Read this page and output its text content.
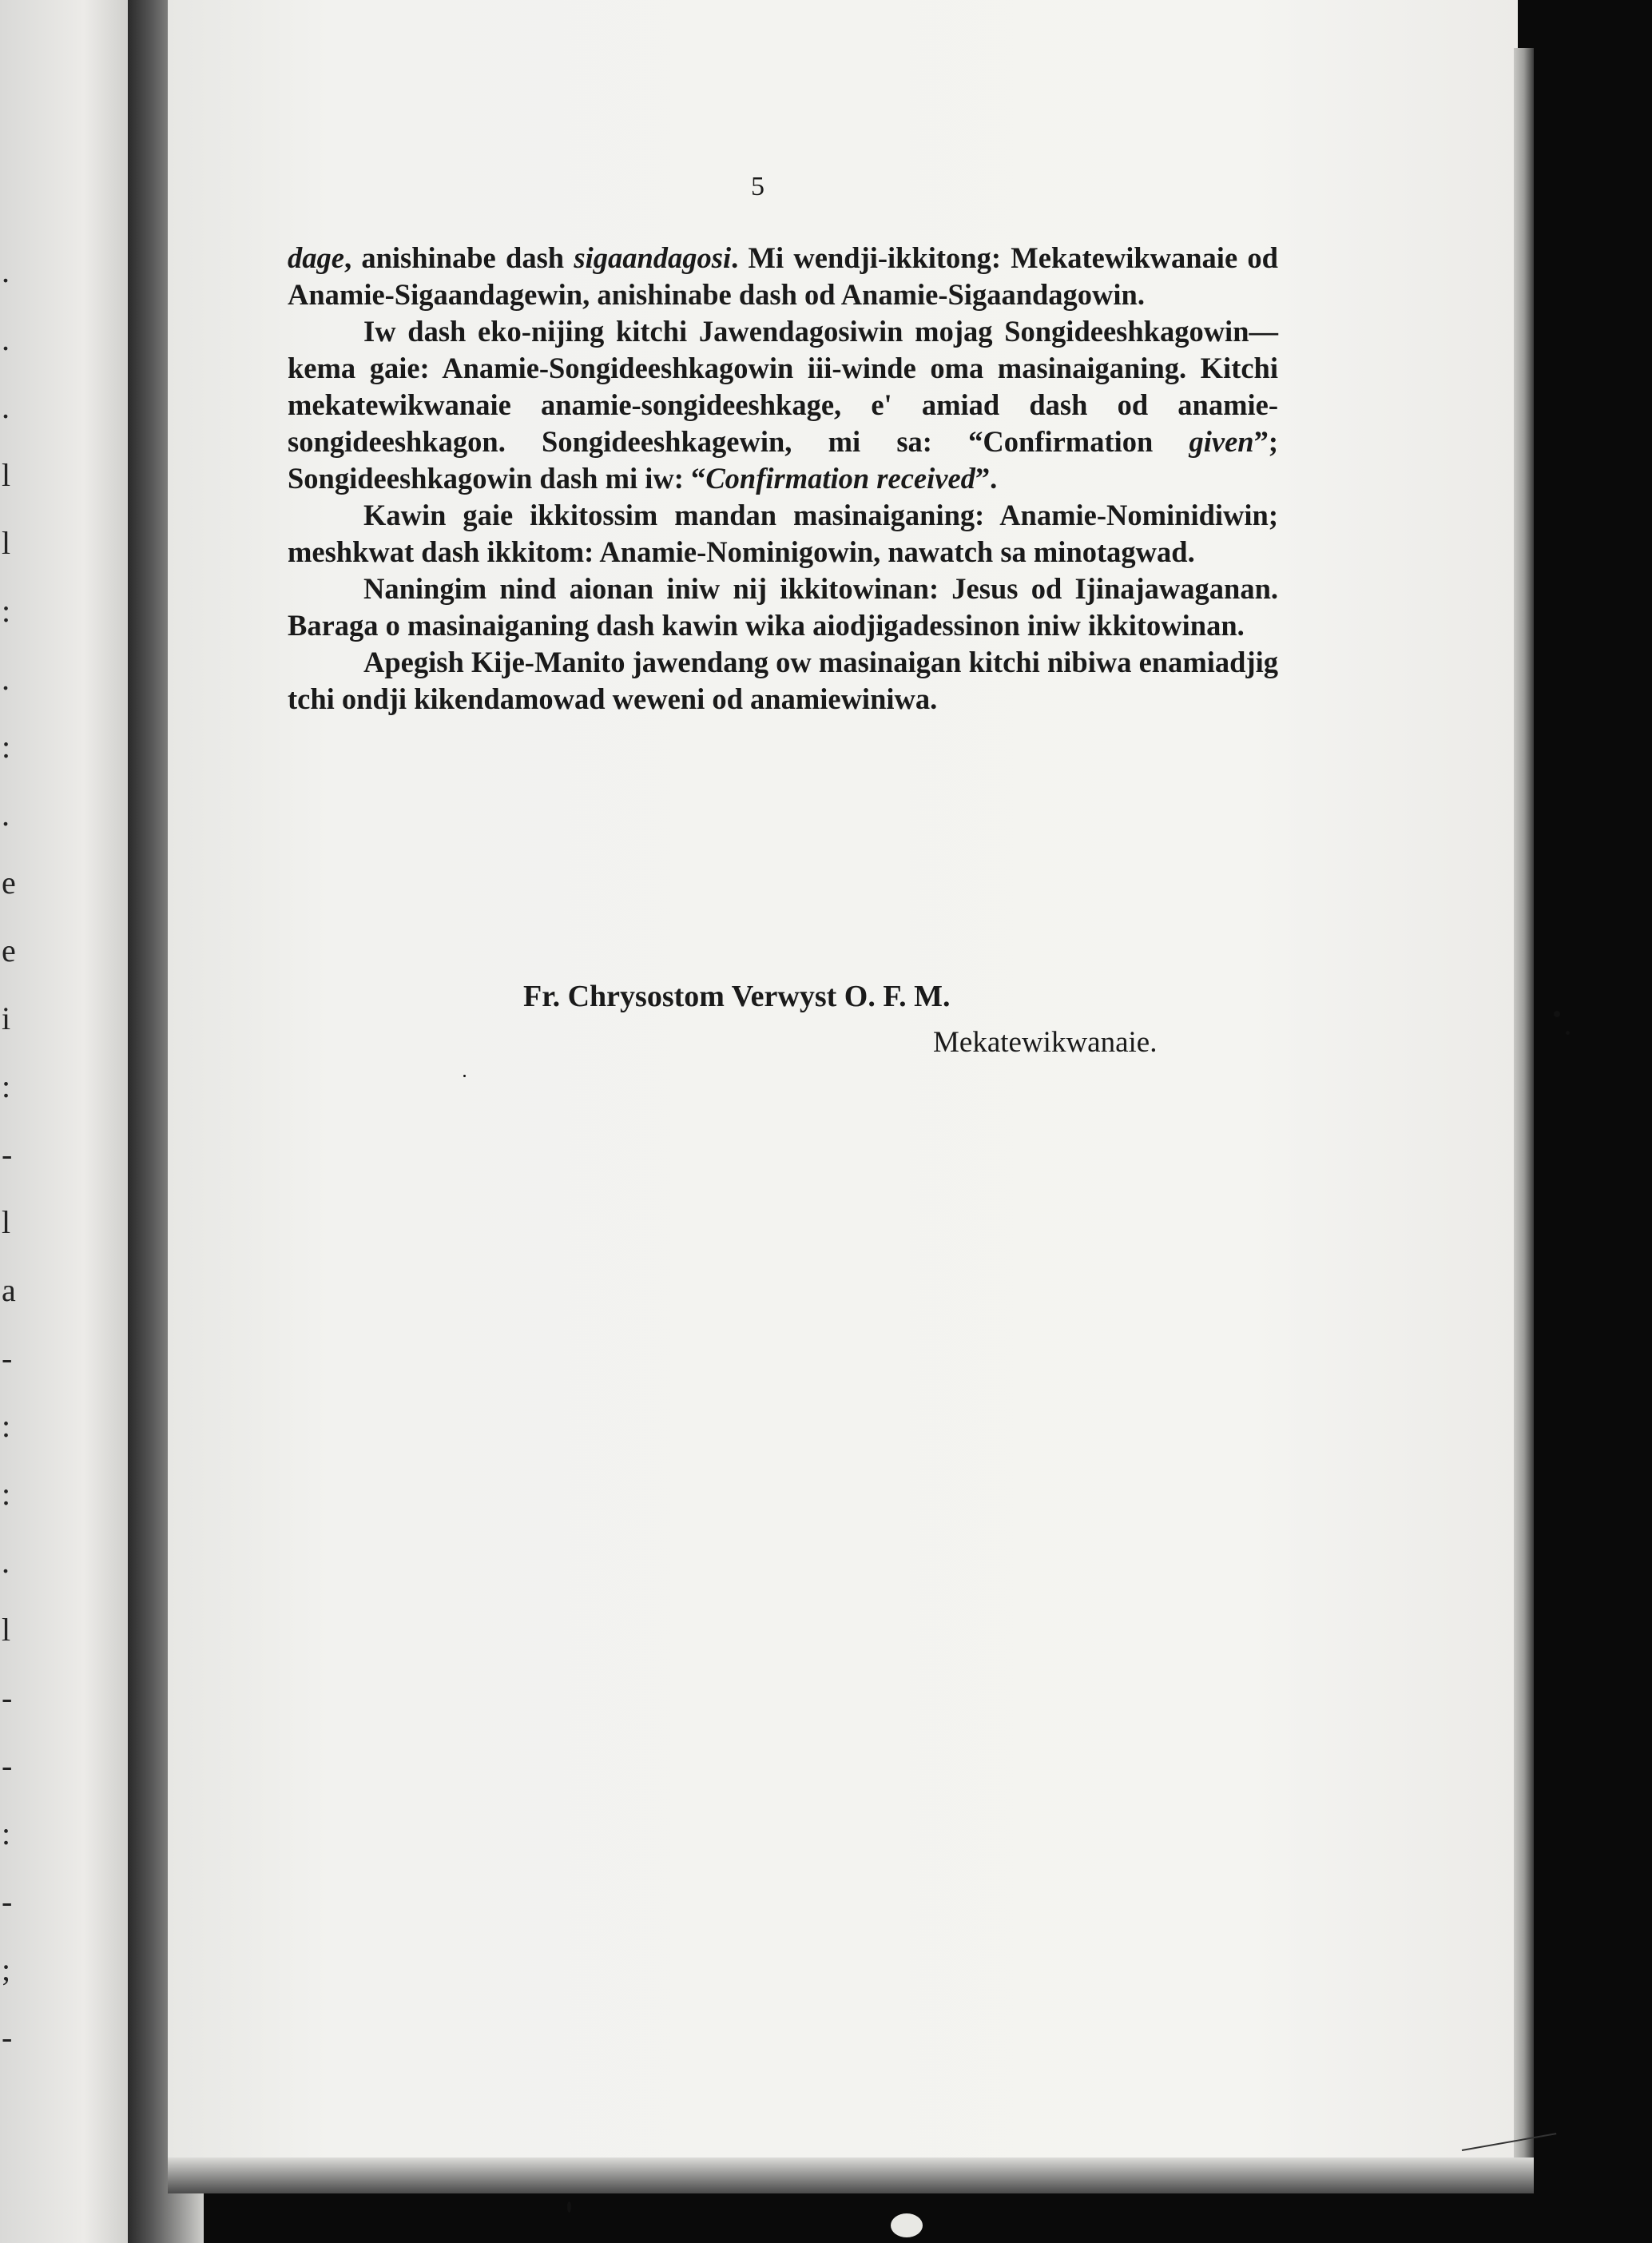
.
.
.
l
l
:
.
:
.
e
e
i
:
-
l
a
-
:
:
.
l
-
-
:
-
;
-
5

dage, anishinabe dash sigaandagosi. Mi wendji-ikkitong: Mekatewikwanaie od Anamie-Sigaandagewin, anishinabe dash od Anamie-Sigaandagowin.

Iw dash eko-nijing kitchi Jawendagosiwin mojag Songideeshkagowin—kema gaie: Anamie-Songideeshkagowin iii-winde oma masinaiganing. Kitchi mekatewikwanaie anamie-songideeshkage, e' amiad dash od anamie-songideeshkagon. Songideeshkagewin, mi sa: “Confirmation given”; Songideeshkagowin dash mi iw: “Confirmation received”.

Kawin gaie ikkitossim mandan masinaiganing: Anamie-Nominidiwin; meshkwat dash ikkitom: Anamie-Nominigowin, nawatch sa minotagwad.

Naningim nind aionan iniw nij ikkitowinan: Jesus od Ijinajawaganan. Baraga o masinaiganing dash kawin wika aiodjigadessinon iniw ikkitowinan.

Apegish Kije-Manito jawendang ow masinaigan kitchi nibiwa enamiadjig tchi ondji kikendamowad weweni od anamiewiniwa.

Fr. Chrysostom Verwyst O. F. M.
Mekatewikwanaie.
